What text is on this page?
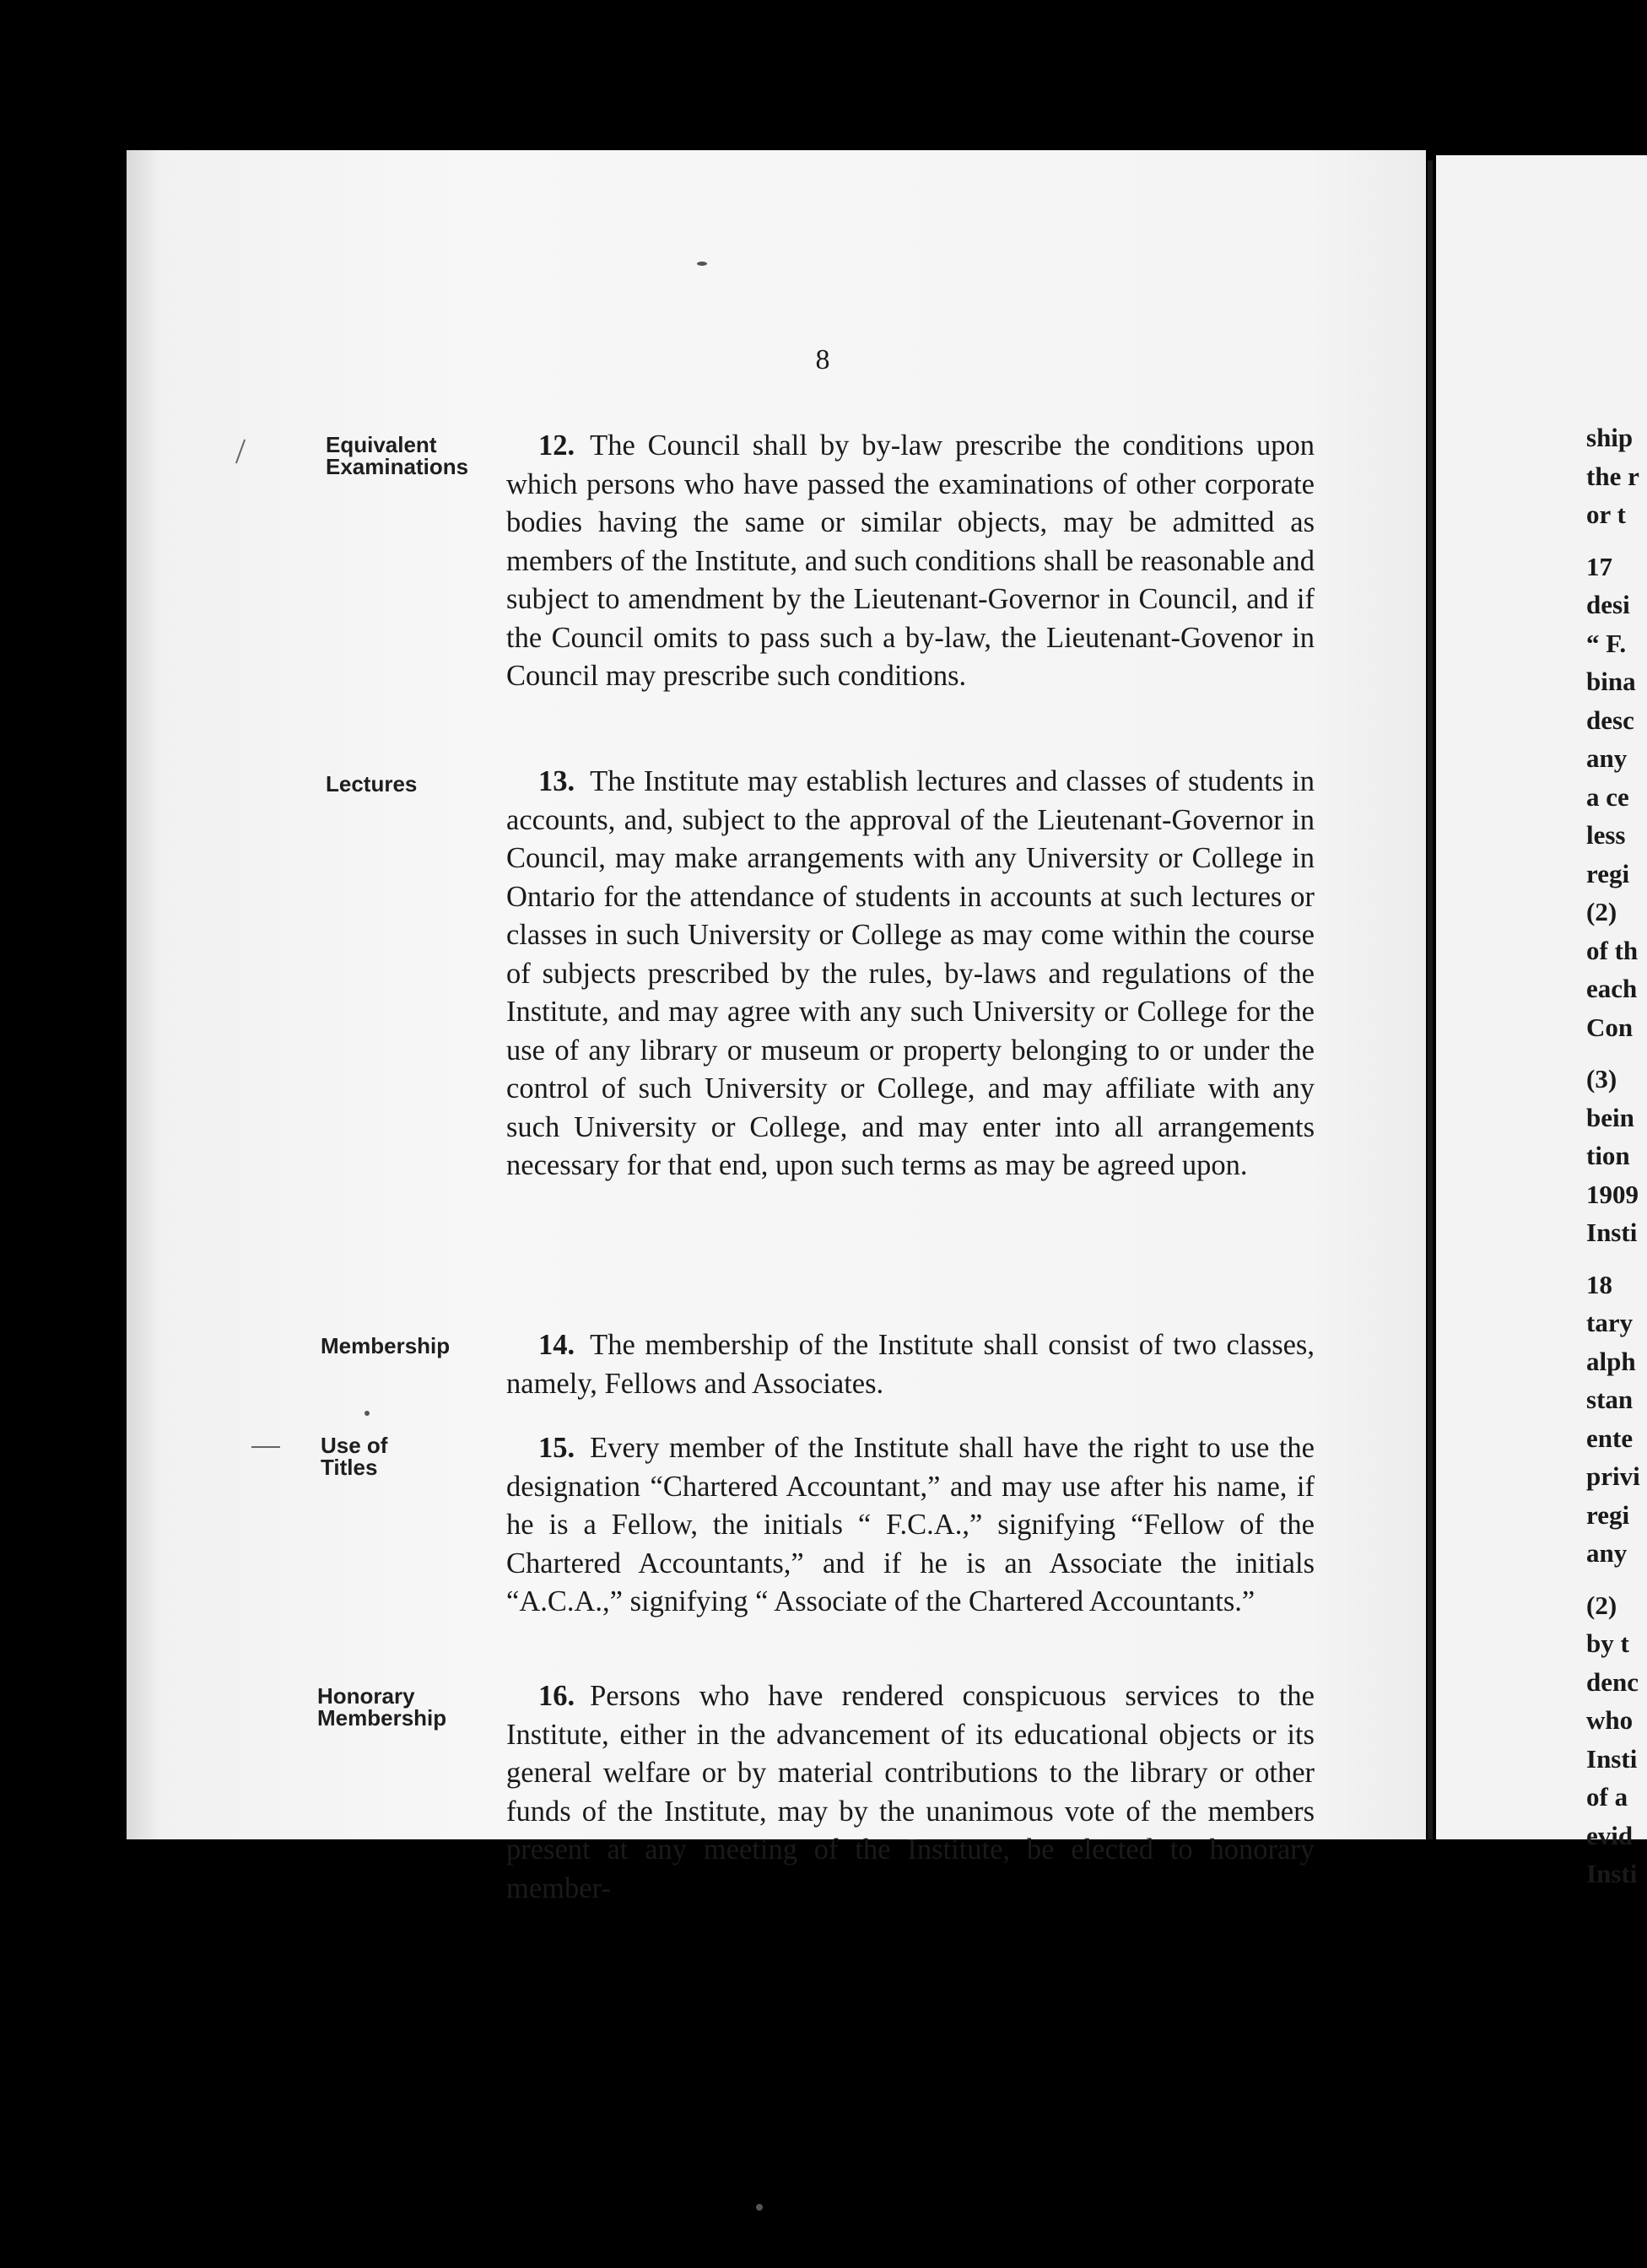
8
Equivalent
Examinations
Lectures
Membership
Use of
Titles
Honorary
Membership

12. The Council shall by by-law prescribe the conditions upon which persons who have passed the examinations of other corporate bodies having the same or similar objects, may be admitted as members of the Institute, and such conditions shall be reasonable and subject to amendment by the Lieutenant-Governor in Council, and if the Council omits to pass such a by-law, the Lieutenant-Govenor in Council may prescribe such conditions.

13. The Institute may establish lectures and classes of students in accounts, and, subject to the approval of the Lieutenant-Governor in Council, may make arrangements with any University or College in Ontario for the attendance of students in accounts at such lectures or classes in such University or College as may come within the course of subjects prescribed by the rules, by-laws and regulations of the Institute, and may agree with any such University or College for the use of any library or museum or property belonging to or under the control of such University or College, and may affiliate with any such University or College, and may enter into all arrangements necessary for that end, upon such terms as may be agreed upon.

14. The membership of the Institute shall consist of two classes, namely, Fellows and Associates.

15. Every member of the Institute shall have the right to use the designation “Chartered Accountant,” and may use after his name, if he is a Fellow, the initials “ F.C.A.,” signifying “Fellow of the Chartered Accountants,” and if he is an Associate the initials “A.C.A.,” signifying “ Associate of the Chartered Accountants.”

16. Persons who have rendered conspicuous services to the Institute, either in the advancement of its educational objects or its general welfare or by material contributions to the library or other funds of the Institute, may by the unanimous vote of the members present at any meeting of the Institute, be elected to honorary member-

ship
the r
or t
17
desi
“ F.
bina
desc
any
a ce
less
regi
(2)
of th
each
Con
(3)
bein
tion
1909
Insti
18
tary
alph
stan
ente
privi
regi
any
(2)
by t
denc
who
Insti
of a
evid
Insti
